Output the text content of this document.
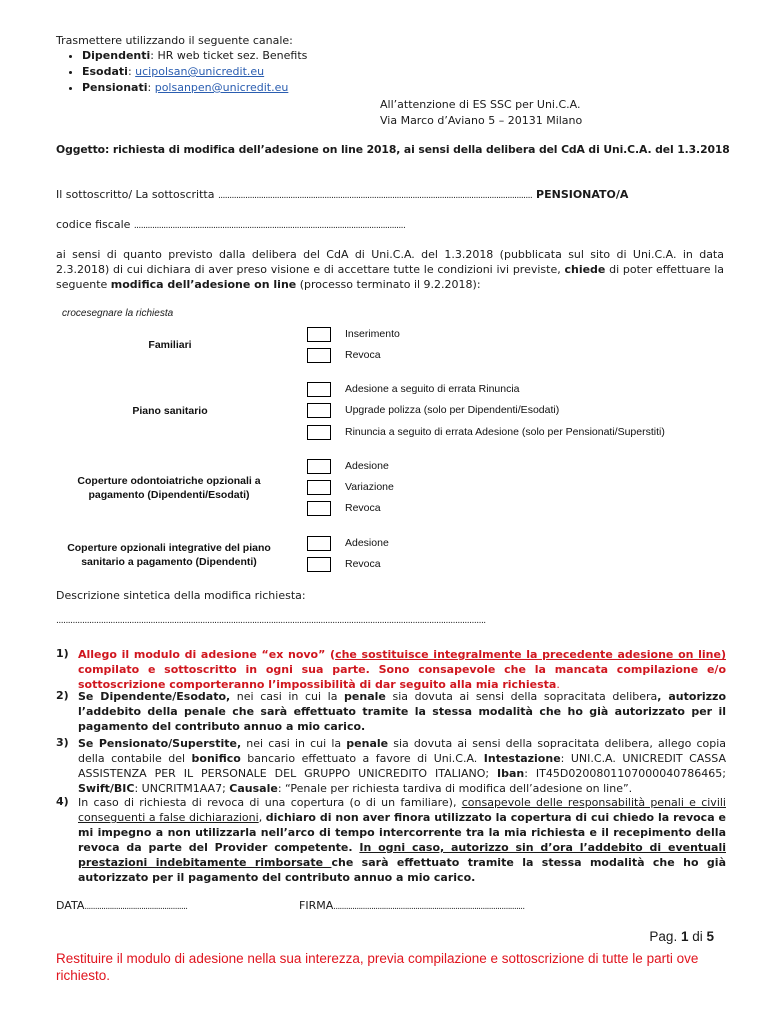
Trasmettere utilizzando il seguente canale:
• Dipendenti: HR web ticket sez. Benefits
• Esodati: ucipolsan@unicredit.eu
• Pensionati: polsanpen@unicredit.eu
All’attenzione di ES SSC per Uni.C.A.
Via Marco d’Aviano 5 – 20131 Milano
Oggetto: richiesta di modifica dell’adesione on line 2018, ai sensi della delibera del CdA di Uni.C.A. del 1.3.2018
Il sottoscritto/ La sottoscritta ........................................................................................................................................... PENSIONATO/A
codice fiscale ........................................................................................................................
ai sensi di quanto previsto dalla delibera del CdA di Uni.C.A. del 1.3.2018 (pubblicata sul sito di Uni.C.A. in data 2.3.2018) di cui dichiara di aver preso visione e di accettare tutte le condizioni ivi previste, chiede di poter effettuare la seguente modifica dell’adesione on line (processo terminato il 9.2.2018):
crocesegnare la richiesta
Familiari
Inserimento
Revoca
Piano sanitario
Adesione a seguito di errata Rinuncia
Upgrade polizza (solo per Dipendenti/Esodati)
Rinuncia a seguito di errata Adesione (solo per Pensionati/Superstiti)
Coperture odontoiatriche opzionali a pagamento (Dipendenti/Esodati)
Adesione
Variazione
Revoca
Coperture opzionali integrative del piano sanitario a pagamento (Dipendenti)
Adesione
Revoca
Descrizione sintetica della modifica richiesta:
......................................................................................................................................................................................
1) Allego il modulo di adesione “ex novo” (che sostituisce integralmente la precedente adesione on line) compilato e sottoscritto in ogni sua parte. Sono consapevole che la mancata compilazione e/o sottoscrizione comporteranno l’impossibilità di dar seguito alla mia richiesta.
2) Se Dipendente/Esodato, nei casi in cui la penale sia dovuta ai sensi della sopracitata delibera, autorizzo l’addebito della penale che sarà effettuato tramite la stessa modalità che ho già autorizzato per il pagamento del contributo annuo a mio carico.
3) Se Pensionato/Superstite, nei casi in cui la penale sia dovuta ai sensi della sopracitata delibera, allego copia della contabile del bonifico bancario effettuato a favore di Uni.C.A. Intestazione: UNI.C.A. UNICREDIT CASSA ASSISTENZA PER IL PERSONALE DEL GRUPPO UNICREDITO ITALIANO; Iban: IT45D0200801107000040786465; Swift/BIC: UNCRITM1AA7; Causale: “Penale per richiesta tardiva di modifica dell’adesione on line”.
4) In caso di richiesta di revoca di una copertura (o di un familiare), consapevole delle responsabilità penali e civili conseguenti a false dichiarazioni, dichiaro di non aver finora utilizzato la copertura di cui chiedo la revoca e mi impegno a non utilizzarla nell’arco di tempo intercorrente tra la mia richiesta e il recepimento della revoca da parte del Provider competente. In ogni caso, autorizzo sin d’ora l’addebito di eventuali prestazioni indebitamente rimborsate che sarà effettuato tramite la stessa modalità che ho già autorizzato per il pagamento del contributo annuo a mio carico.
DATA.................................................	FIRMA...........................................................................................
Pag. 1 di 5
Restituire il modulo di adesione nella sua interezza, previa compilazione e sottoscrizione di tutte le parti ove richiesto.
